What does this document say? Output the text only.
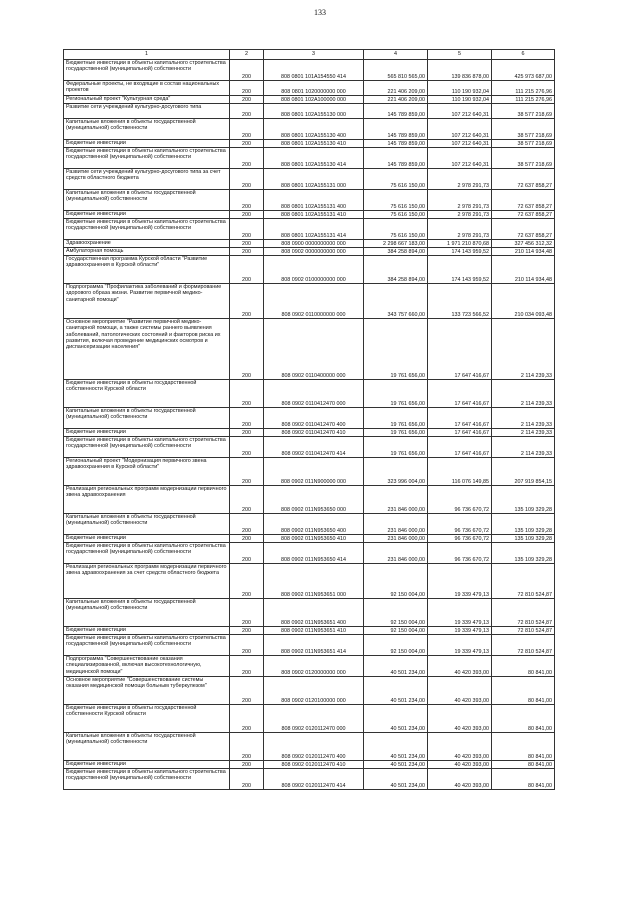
133
1	2	3	4	5	6
Бюджетные инвестиции в объекты капитального строительства государственной (муниципальной) собственности	200	808 0801 101А154550 414	565 810 565,00	139 836 878,00	425 973 687,00
Федеральные проекты, не входящие в состав национальных проектов	200	808 0801 1020000000 000	221 406 209,00	110 190 932,04	111 215 276,96
Региональный проект "Культурная среда"	200	808 0801 102А100000 000	221 406 209,00	110 190 932,04	111 215 276,96
Развитие сети учреждений культурно-досугового типа	200	808 0801 102А155130 000	145 789 859,00	107 212 640,31	38 577 218,69
Капитальные вложения в объекты государственной (муниципальной) собственности	200	808 0801 102А155130 400	145 789 859,00	107 212 640,31	38 577 218,69
Бюджетные инвестиции	200	808 0801 102А155130 410	145 789 859,00	107 212 640,31	38 577 218,69
Бюджетные инвестиции в объекты капитального строительства государственной (муниципальной) собственности	200	808 0801 102А155130 414	145 789 859,00	107 212 640,31	38 577 218,69
Развитие сети учреждений культурно-досугового типа за счет средств областного бюджета	200	808 0801 102А155131 000	75 616 150,00	2 978 291,73	72 637 858,27
Капитальные вложения в объекты государственной (муниципальной) собственности	200	808 0801 102А155131 400	75 616 150,00	2 978 291,73	72 637 858,27
Бюджетные инвестиции	200	808 0801 102А155131 410	75 616 150,00	2 978 291,73	72 637 858,27
Бюджетные инвестиции в объекты капитального строительства государственной (муниципальной) собственности	200	808 0801 102А155131 414	75 616 150,00	2 978 291,73	72 637 858,27
Здравоохранение	200	808 0900 0000000000 000	2 298 667 183,00	1 971 210 870,68	327 456 312,32
Амбулаторная помощь	200	808 0902 0000000000 000	384 258 894,00	174 143 959,52	210 114 934,48
Государственная программа Курской области "Развитие здравоохранения в Курской области"	200	808 0902 0100000000 000	384 258 894,00	174 143 959,52	210 114 934,48
Подпрограмма "Профилактика заболеваний и формирование здорового образа жизни. Развитие первичной медико-санитарной помощи"	200	808 0902 0110000000 000	343 757 660,00	133 723 566,52	210 034 093,48
Основное мероприятие "Развитие первичной медико-санитарной помощи, а также системы раннего выявления заболеваний, патологических состояний и факторов риска их развития, включая проведение медицинских осмотров и диспансеризации населения"	200	808 0902 0110400000 000	19 761 656,00	17 647 416,67	2 114 239,33
Бюджетные инвестиции в объекты государственной собственности Курской области	200	808 0902 0110412470 000	19 761 656,00	17 647 416,67	2 114 239,33
Капитальные вложения в объекты государственной (муниципальной) собственности	200	808 0902 0110412470 400	19 761 656,00	17 647 416,67	2 114 239,33
Бюджетные инвестиции	200	808 0902 0110412470 410	19 761 656,00	17 647 416,67	2 114 239,33
Бюджетные инвестиции в объекты капитального строительства государственной (муниципальной) собственности	200	808 0902 0110412470 414	19 761 656,00	17 647 416,67	2 114 239,33
Региональный проект "Модернизация первичного звена здравоохранения в Курской области"	200	808 0902 011N900000 000	323 996 004,00	116 076 149,85	207 919 854,15
Реализация региональных программ модернизации первичного звена здравоохранения	200	808 0902 011N953650 000	231 846 000,00	96 736 670,72	135 109 329,28
Капитальные вложения в объекты государственной (муниципальной) собственности	200	808 0902 011N953650 400	231 846 000,00	96 736 670,72	135 109 329,28
Бюджетные инвестиции	200	808 0902 011N953650 410	231 846 000,00	96 736 670,72	135 109 329,28
Бюджетные инвестиции в объекты капитального строительства государственной (муниципальной) собственности	200	808 0902 011N953650 414	231 846 000,00	96 736 670,72	135 109 329,28
Реализация региональных программ модернизации первичного звена здравоохранения за счет средств областного бюджета	200	808 0902 011N953651 000	92 150 004,00	19 339 479,13	72 810 524,87
Капитальные вложения в объекты государственной (муниципальной) собственности	200	808 0902 011N953651 400	92 150 004,00	19 339 479,13	72 810 524,87
Бюджетные инвестиции	200	808 0902 011N953651 410	92 150 004,00	19 339 479,13	72 810 524,87
Бюджетные инвестиции в объекты капитального строительства государственной (муниципальной) собственности	200	808 0902 011N953651 414	92 150 004,00	19 339 479,13	72 810 524,87
Подпрограмма "Совершенствование оказания специализированной, включая высокотехнологичную, медицинской помощи"	200	808 0902 0120000000 000	40 501 234,00	40 420 393,00	80 841,00
Основное мероприятие "Совершенствование системы оказания медицинской помощи больным туберкулезом"	200	808 0902 0120100000 000	40 501 234,00	40 420 393,00	80 841,00
Бюджетные инвестиции в объекты государственной собственности Курской области	200	808 0902 0120112470 000	40 501 234,00	40 420 393,00	80 841,00
Капитальные вложения в объекты государственной (муниципальной) собственности	200	808 0902 0120112470 400	40 501 234,00	40 420 393,00	80 841,00
Бюджетные инвестиции	200	808 0902 0120112470 410	40 501 234,00	40 420 393,00	80 841,00
Бюджетные инвестиции в объекты капитального строительства государственной (муниципальной) собственности	200	808 0902 0120112470 414	40 501 234,00	40 420 393,00	80 841,00
